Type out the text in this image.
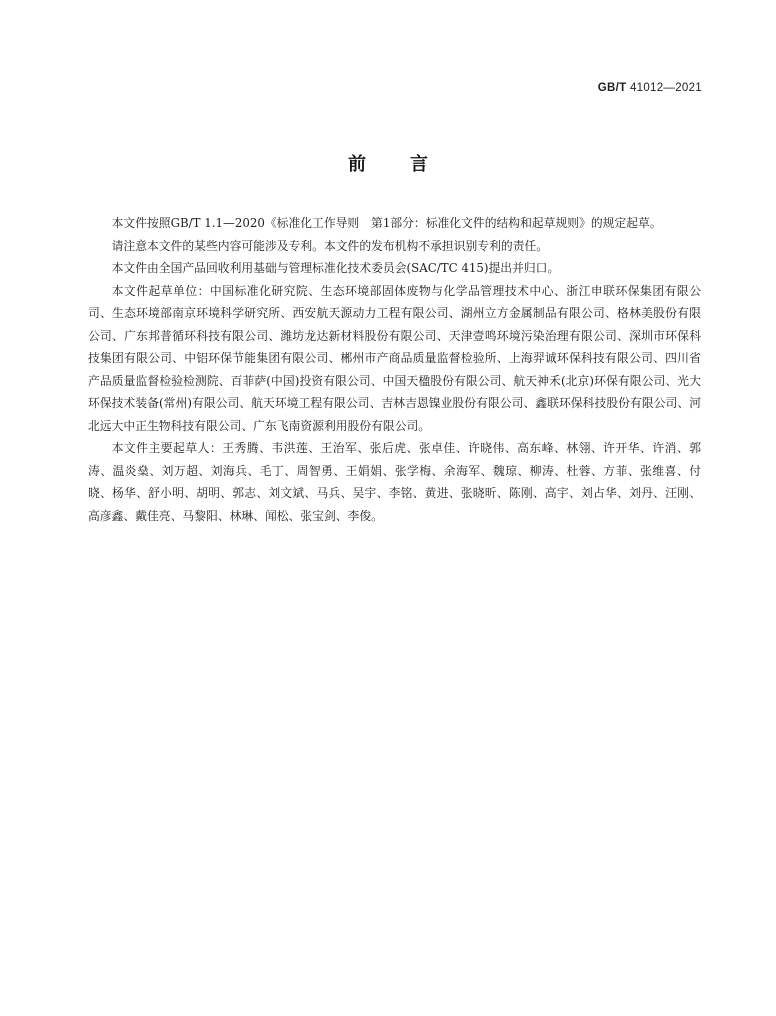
GB/T 41012—2021
前言

本文件按照GB/T 1.1—2020《标准化工作导则　第1部分：标准化文件的结构和起草规则》的规定起草。

请注意本文件的某些内容可能涉及专利。本文件的发布机构不承担识别专利的责任。

本文件由全国产品回收利用基础与管理标准化技术委员会(SAC/TC 415)提出并归口。

本文件起草单位：中国标准化研究院、生态环境部固体废物与化学品管理技术中心、浙江申联环保集团有限公司、生态环境部南京环境科学研究所、西安航天源动力工程有限公司、湖州立方金属制品有限公司、格林美股份有限公司、广东邦普循环科技有限公司、潍坊龙达新材料股份有限公司、天津壹鸣环境污染治理有限公司、深圳市环保科技集团有限公司、中铝环保节能集团有限公司、郴州市产商品质量监督检验所、上海羿诚环保科技有限公司、四川省产品质量监督检验检测院、百菲萨(中国)投资有限公司、中国天楹股份有限公司、航天神禾(北京)环保有限公司、光大环保技术装备(常州)有限公司、航天环境工程有限公司、吉林吉恩镍业股份有限公司、鑫联环保科技股份有限公司、河北远大中正生物科技有限公司、广东飞南资源利用股份有限公司。

本文件主要起草人：王秀腾、韦洪莲、王治军、张后虎、张卓佳、许晓伟、高东峰、林翎、许开华、许消、郭涛、温炎燊、刘万超、刘海兵、毛丁、周智勇、王娟娟、张学梅、余海军、魏琼、柳涛、杜蓉、方菲、张维喜、付晓、杨华、舒小明、胡明、郭志、刘文斌、马兵、吴宇、李铭、黄进、张晓昕、陈刚、高宇、刘占华、刘丹、汪刚、高彦鑫、戴佳亮、马黎阳、林琳、闻松、张宝剑、李俊。
